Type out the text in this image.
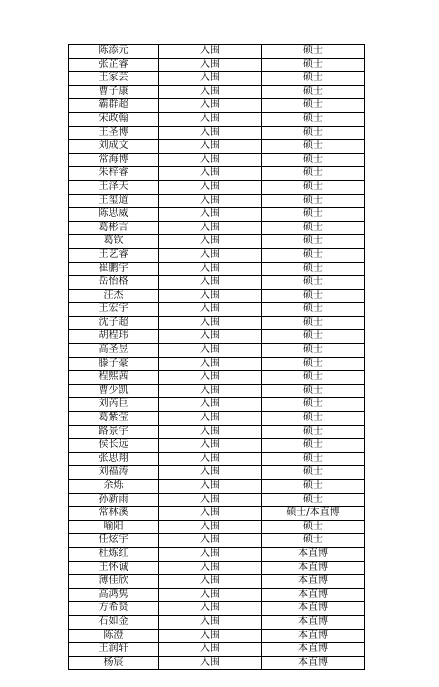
陈添元	入围	硕士
张芷睿	入围	硕士
王家芸	入围	硕士
曹子康	入围	硕士
霸群超	入围	硕士
宋政翰	入围	硕士
王圣博	入围	硕士
刘成文	入围	硕士
常海博	入围	硕士
朱梓睿	入围	硕士
王泽天	入围	硕士
王玺道	入围	硕士
陈思威	入围	硕士
葛彬言	入围	硕士
葛钦	入围	硕士
王艺睿	入围	硕士
崔鹏宇	入围	硕士
岳怡格	入围	硕士
汪杰	入围	硕士
王宏宇	入围	硕士
沈子超	入围	硕士
胡程玮	入围	硕士
高圣昱	入围	硕士
滕子豪	入围	硕士
程熙茜	入围	硕士
曹少凯	入围	硕士
刘芮巨	入围	硕士
葛紫莹	入围	硕士
路景宇	入围	硕士
侯长远	入围	硕士
张思翔	入围	硕士
刘福涛	入围	硕士
余烁	入围	硕士
孙新雨	入围	硕士
常林溪	入围	硕士/本直博
喻阳	入围	硕士
任炫宇	入围	硕士
杜炼红	入围	本直博
王怀诚	入围	本直博
薄佳欣	入围	本直博
高鸿隽	入围	本直博
方希贤	入围	本直博
石如金	入围	本直博
陈澄	入围	本直博
王润轩	入围	本直博
杨宸	入围	本直博
